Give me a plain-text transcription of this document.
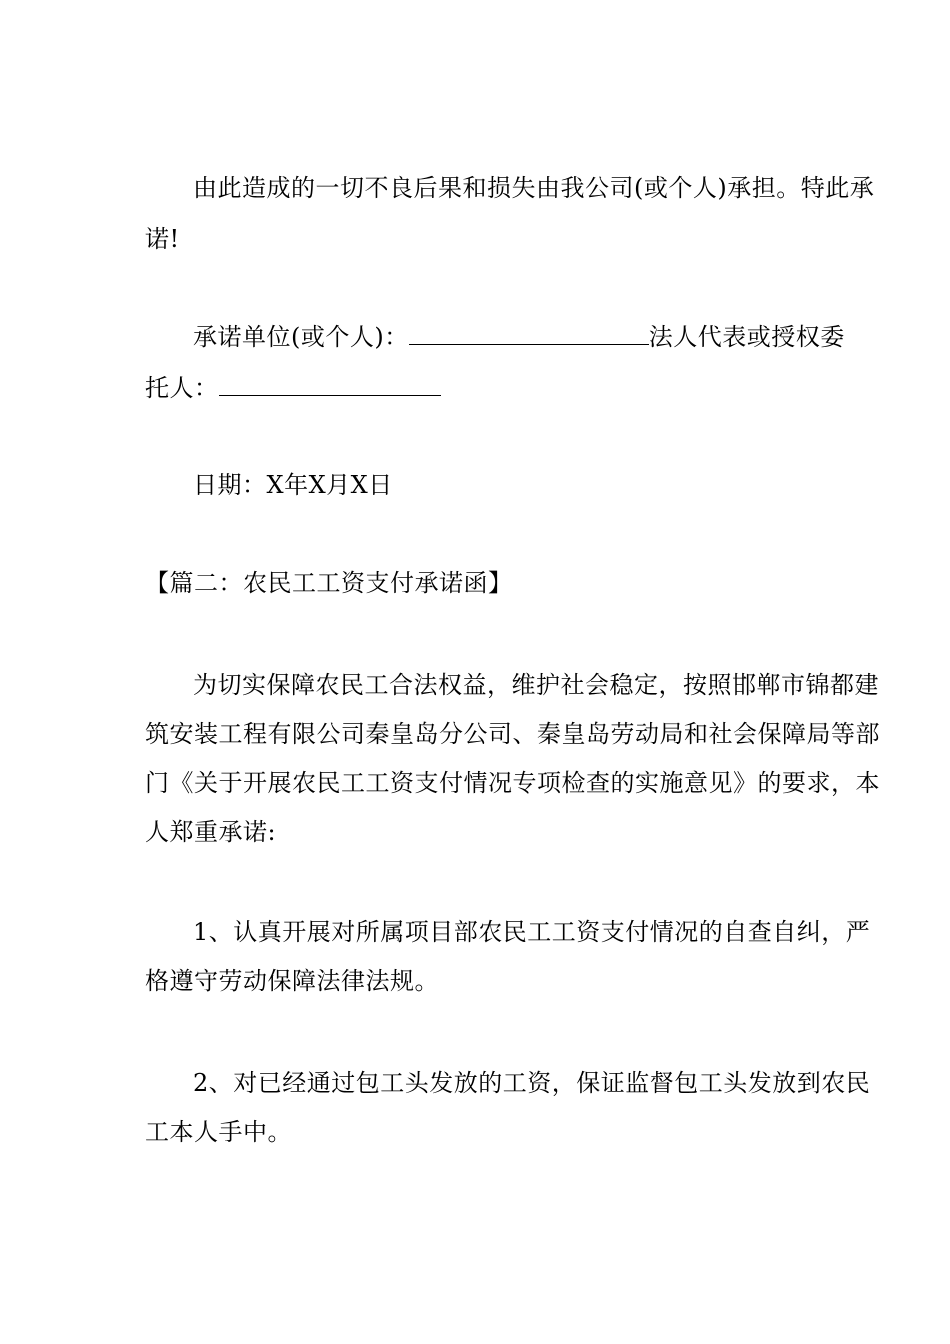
由此造成的一切不良后果和损失由我公司(或个人)承担。特此承
诺!
承诺单位(或个人)：	法人代表或授权委
托人：
日期：X年X月X日
【篇二：农民工工资支付承诺函】
为切实保障农民工合法权益，维护社会稳定，按照邯郸市锦都建
筑安装工程有限公司秦皇岛分公司、秦皇岛劳动局和社会保障局等部
门《关于开展农民工工资支付情况专项检查的实施意见》的要求，本
人郑重承诺:
1、认真开展对所属项目部农民工工资支付情况的自查自纠，严
格遵守劳动保障法律法规。
2、对已经通过包工头发放的工资，保证监督包工头发放到农民
工本人手中。
